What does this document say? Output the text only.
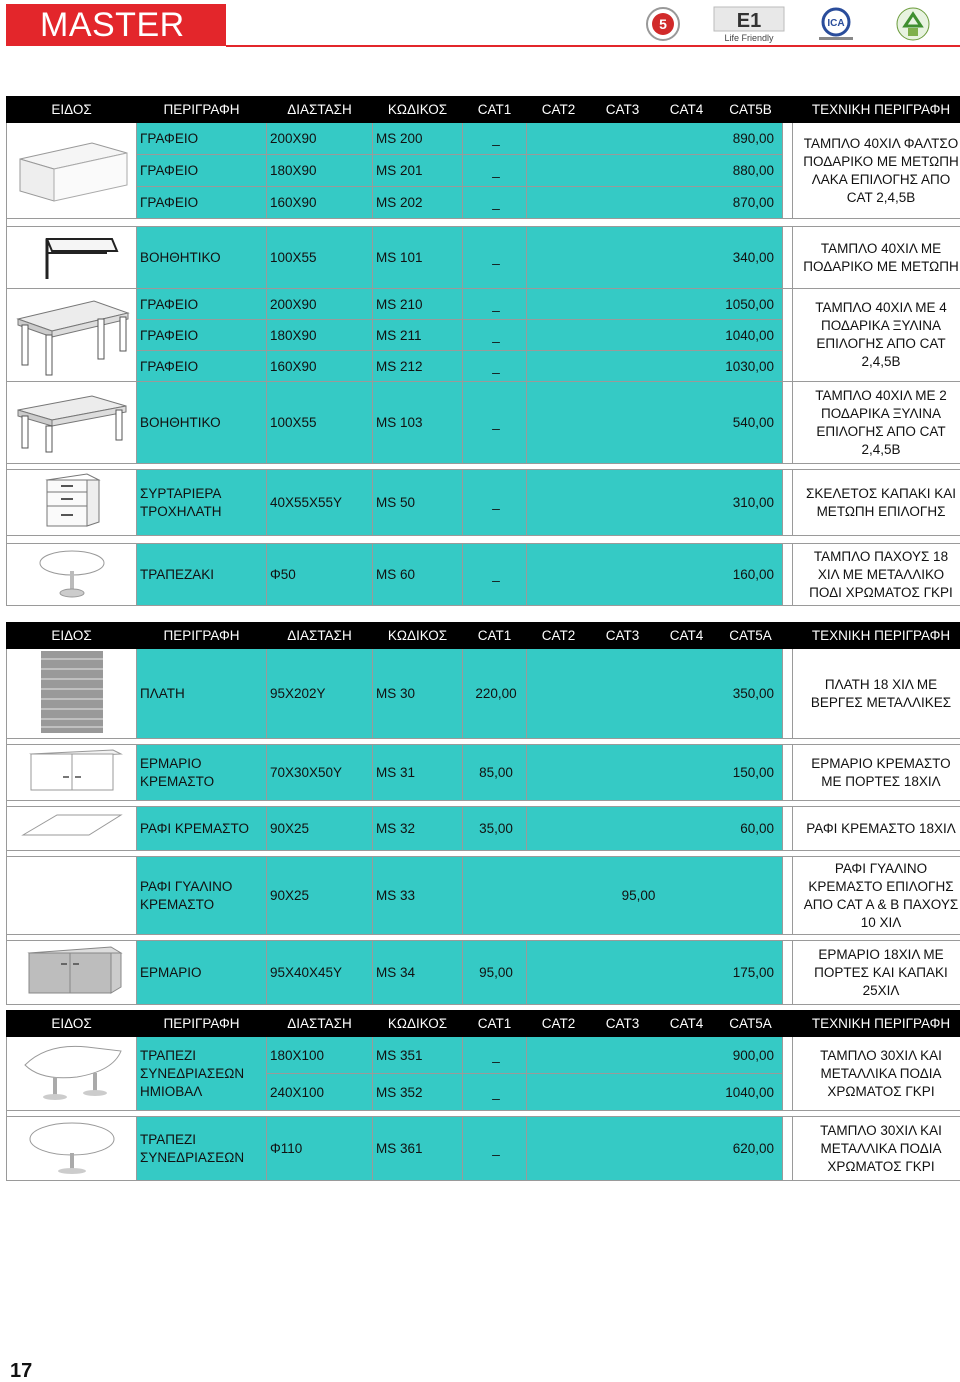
MASTER	5	E1
Life Friendly
ICA
ΕΙΔΟΣ	ΠΕΡΙΓΡΑΦΗ	ΔΙΑΣΤΑΣΗ	ΚΩΔΙΚΟΣ	CAT1	CAT2	CAT3	CAT4	CAT5B		ΤΕΧΝΙΚΗ ΠΕΡΙΓΡΑΦΗ
	ΓΡΑΦΕΙΟ	200Χ90	MS 200	_	890,00					ΤΑΜΠΛΟ 40ΧΙΛ ΦΑΛΤΣΟ
ΠΟΔΑΡΙΚΟ ΜΕ ΜΕΤΩΠΗ
ΛΑΚΑ ΕΠΙΛΟΓΗΣ ΑΠΟ
CAT 2,4,5B

	ΓΡΑΦΕΙΟ	180Χ90	MS 201	_	880,00					
	ΓΡΑΦΕΙΟ	160Χ90	MS 202	_	870,00					

	ΒΟΗΘΗΤΙΚΟ	100Χ55	MS 101	_	340,00					ΤΑΜΠΛΟ 40ΧΙΛ ΜΕ
ΠΟΔΑΡΙΚΟ ΜΕ ΜΕΤΩΠΗ

	ΓΡΑΦΕΙΟ	200Χ90	MS 210	_	1050,00					ΤΑΜΠΛΟ 40ΧΙΛ ΜΕ 4
ΠΟΔΑΡΙΚΑ ΞΥΛΙΝΑ
ΕΠΙΛΟΓΗΣ ΑΠΟ CAT
2,4,5B

	ΓΡΑΦΕΙΟ	180Χ90	MS 211	_	1040,00					
	ΓΡΑΦΕΙΟ	160Χ90	MS 212	_	1030,00					
	ΒΟΗΘΗΤΙΚΟ	100Χ55	MS 103	_	540,00					ΤΑΜΠΛΟ 40ΧΙΛ ΜΕ 2
ΠΟΔΑΡΙΚΑ ΞΥΛΙΝΑ
ΕΠΙΛΟΓΗΣ ΑΠΟ CAT
2,4,5B

ΣΥΡΤΑΡΙΕΡΑ
ΤΡΟΧΗΛΑΤΗ	40Χ55Χ55Υ	MS 50	_	310,00					ΣΚΕΛΕΤΟΣ ΚΑΠΑΚΙ ΚΑΙ
ΜΕΤΩΠΗ ΕΠΙΛΟΓΗΣ

	ΤΡΑΠΕΖΑΚΙ	Φ50	MS 60	_	160,00					ΤΑΜΠΛΟ ΠΑΧΟΥΣ 18
ΧΙΛ ΜΕ ΜΕΤΑΛΛΙΚΟ
ΠΟΔΙ ΧΡΩΜΑΤΟΣ ΓΚΡΙ
ΕΙΔΟΣ	ΠΕΡΙΓΡΑΦΗ	ΔΙΑΣΤΑΣΗ	ΚΩΔΙΚΟΣ	CAT1	CAT2	CAT3	CAT4	CAT5A		ΤΕΧΝΙΚΗ ΠΕΡΙΓΡΑΦΗ

ΠΛΑΤΗ	95Χ202Υ	MS 30	220,00	350,00					ΠΛΑΤΗ 18 ΧΙΛ ΜΕ
ΒΕΡΓΕΣ ΜΕΤΑΛΛΙΚΕΣ

ΕΡΜΑΡΙΟ
ΚΡΕΜΑΣΤΟ	70Χ30Χ50Υ	MS 31	85,00	150,00					ΕΡΜΑΡΙΟ ΚΡΕΜΑΣΤΟ
ΜΕ ΠΟΡΤΕΣ 18ΧΙΛ

ΡΑΦΙ ΚΡΕΜΑΣΤΟ	90Χ25	MS 32	35,00	60,00					ΡΑΦΙ ΚΡΕΜΑΣΤΟ 18ΧΙΛ

	ΡΑΦΙ ΓΥΑΛΙΝΟ
ΚΡΕΜΑΣΤΟ	90Χ25	MS 33	95,00						ΡΑΦΙ ΓΥΑΛΙΝΟ
ΚΡΕΜΑΣΤΟ ΕΠΙΛΟΓΗΣ
ΑΠΟ CAT A & B ΠΑΧΟΥΣ
10 ΧΙΛ

ΕΡΜΑΡΙΟ	95Χ40Χ45Υ	MS 34	95,00	175,00					ΕΡΜΑΡΙΟ 18ΧΙΛ ΜΕ
ΠΟΡΤΕΣ ΚΑΙ ΚΑΠΑΚΙ
25ΧΙΛ
ΕΙΔΟΣ	ΠΕΡΙΓΡΑΦΗ	ΔΙΑΣΤΑΣΗ	ΚΩΔΙΚΟΣ	CAT1	CAT2	CAT3	CAT4	CAT5A		ΤΕΧΝΙΚΗ ΠΕΡΙΓΡΑΦΗ

ΤΡΑΠΕΖΙ
ΣΥΝΕΔΡΙΑΣΕΩΝ
ΗΜΙΟΒΑΛ	180Χ100	MS 351	_	900,00					ΤΑΜΠΛΟ 30ΧΙΛ ΚΑΙ
ΜΕΤΑΛΛΙΚΑ ΠΟΔΙΑ
ΧΡΩΜΑΤΟΣ ΓΚΡΙ

		240Χ100	MS 352	_	1040,00					

ΤΡΑΠΕΖΙ
ΣΥΝΕΔΡΙΑΣΕΩΝ	Φ110	MS 361	_	620,00					ΤΑΜΠΛΟ 30ΧΙΛ ΚΑΙ
ΜΕΤΑΛΛΙΚΑ ΠΟΔΙΑ
ΧΡΩΜΑΤΟΣ ΓΚΡΙ
17
